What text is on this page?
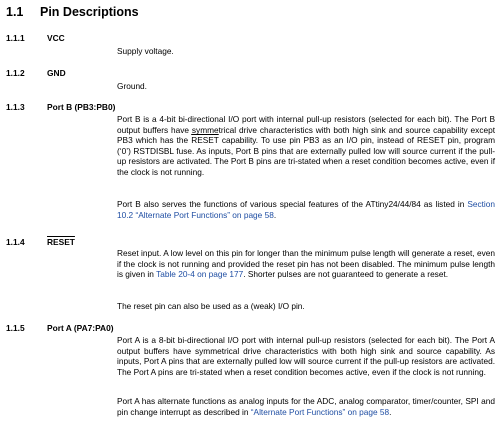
1.1 Pin Descriptions
1.1.1	VCC

Supply voltage.

1.1.2	GND

Ground.

1.1.3	Port B (PB3:PB0)

Port B is a 4-bit bi-directional I/O port with internal pull-up resistors (selected for each bit). The Port B output buffers have symmetrical drive characteristics with both high sink and source capability except PB3 which has the RESET capability. To use pin PB3 as an I/O pin, instead of RESET pin, program (‘0’) RSTDISBL fuse. As inputs, Port B pins that are externally pulled low will source current if the pull-up resistors are activated. The Port B pins are tri-stated when a reset condition becomes active, even if the clock is not running.

Port B also serves the functions of various special features of the ATtiny24/44/84 as listed in Section 10.2 “Alternate Port Functions” on page 58.

1.1.4	RESET

Reset input. A low level on this pin for longer than the minimum pulse length will generate a reset, even if the clock is not running and provided the reset pin has not been disabled. The minimum pulse length is given in Table 20-4 on page 177. Shorter pulses are not guaranteed to generate a reset.

The reset pin can also be used as a (weak) I/O pin.

1.1.5	Port A (PA7:PA0)

Port A is a 8-bit bi-directional I/O port with internal pull-up resistors (selected for each bit). The Port A output buffers have symmetrical drive characteristics with both high sink and source capability. As inputs, Port A pins that are externally pulled low will source current if the pull-up resistors are activated. The Port A pins are tri-stated when a reset condition becomes active, even if the clock is not running.

Port A has alternate functions as analog inputs for the ADC, analog comparator, timer/counter, SPI and pin change interrupt as described in “Alternate Port Functions” on page 58.
